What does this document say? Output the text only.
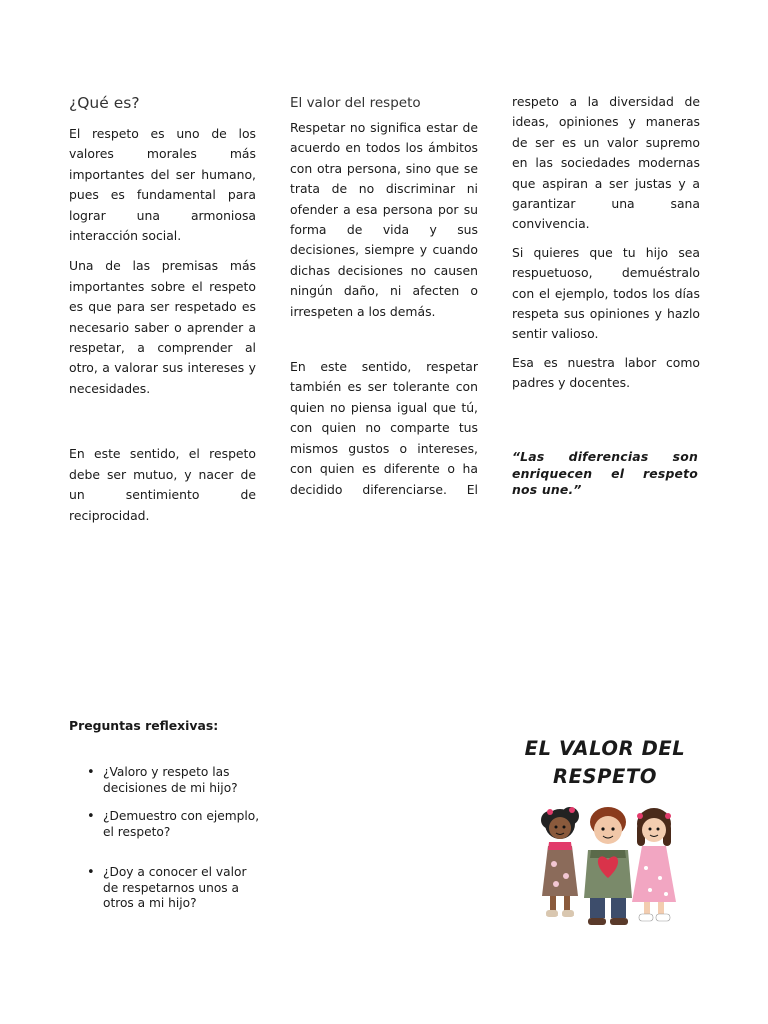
¿Qué es?

El respeto es uno de los valores morales más importantes del ser humano, pues es fundamental para lograr una armoniosa interacción social.

Una de las premisas más importantes sobre el respeto es que para ser respetado es necesario saber o aprender a respetar, a comprender al otro, a valorar sus intereses y necesidades.

En este sentido, el respeto debe ser mutuo, y nacer de un sentimiento de reciprocidad.

El valor del respeto

Respetar no significa estar de acuerdo en todos los ámbitos con otra persona, sino que se trata de no discriminar ni ofender a esa persona por su forma de vida y sus decisiones, siempre y cuando dichas decisiones no causen ningún daño, ni afecten o irrespeten a los demás.

En este sentido, respetar también es ser tolerante con quien no piensa igual que tú, con quien no comparte tus mismos gustos o intereses, con quien es diferente o ha decidido diferenciarse. El

respeto a la diversidad de ideas, opiniones y maneras de ser es un valor supremo en las sociedades modernas que aspiran a ser justas y a garantizar una sana convivencia.

Si quieres que tu hijo sea respuetuoso, demuéstralo con el ejemplo, todos los días respeta sus opiniones y hazlo sentir valioso.

Esa es nuestra labor como padres y docentes.

“Las diferencias son enriquecen el respeto nos une.”

Preguntas reflexivas:

• ¿Valoro y respeto las decisiones de mi hijo?
• ¿Demuestro con ejemplo, el respeto?
• ¿Doy a conocer el valor de respetarnos unos a otros a mi hijo?
EL VALOR DEL RESPETO
